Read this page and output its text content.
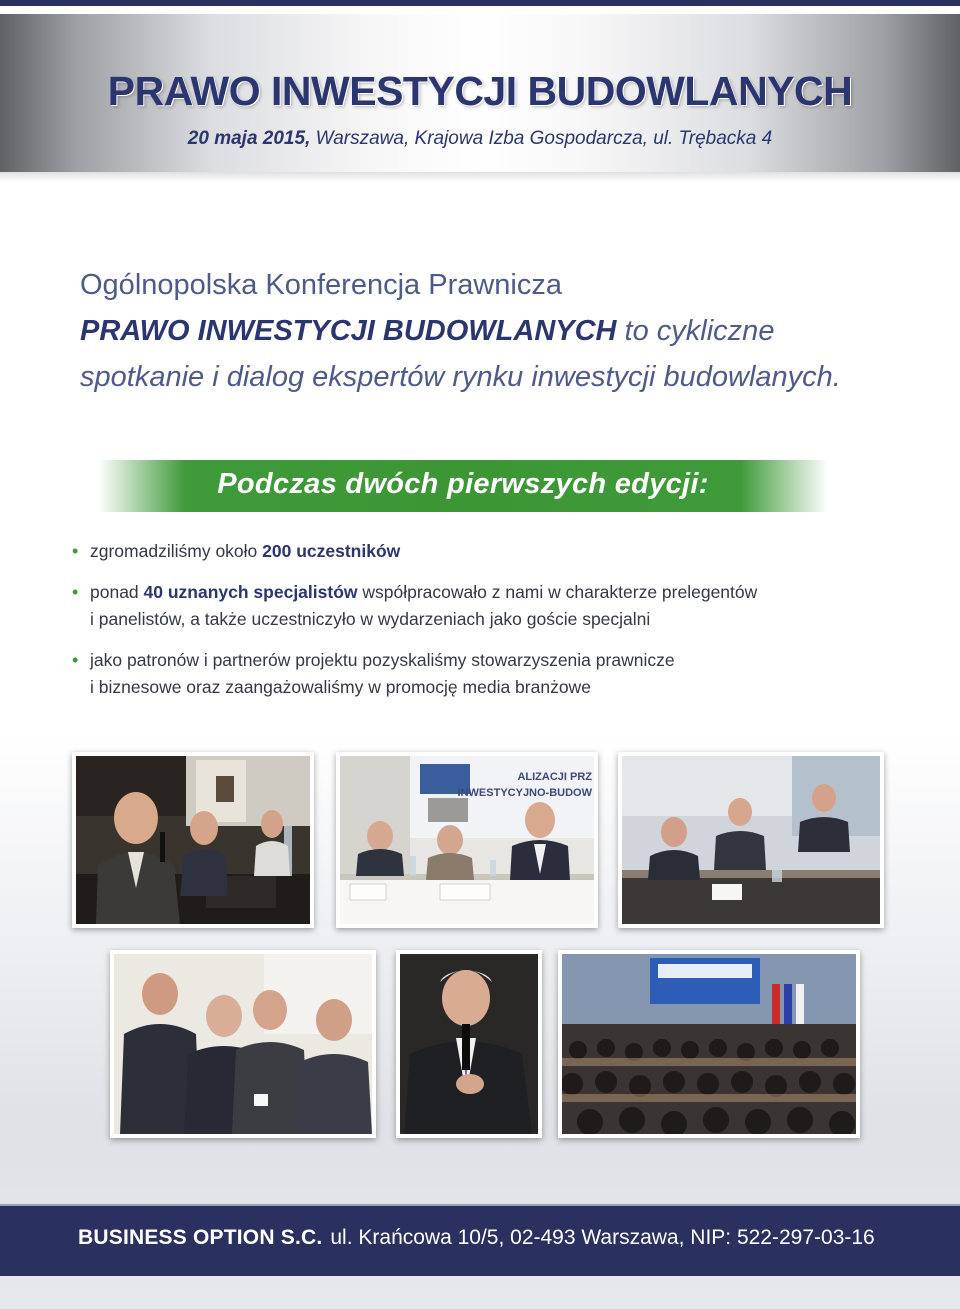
PRAWO INWESTYCJI BUDOWLANYCH
20 maja 2015, Warszawa, Krajowa Izba Gospodarcza, ul. Trębacka 4
Ogólnopolska Konferencja Prawnicza
PRAWO INWESTYCJI BUDOWLANYCH to cykliczne
spotkanie i dialog ekspertów rynku inwestycji budowlanych.
Podczas dwóch pierwszych edycji:
• zgromadziliśmy około 200 uczestników
• ponad 40 uznanych specjalistów współpracowało z nami w charakterze prelegentów
i panelistów, a także uczestniczyło w wydarzeniach jako goście specjalni
• jako patronów i partnerów projektu pozyskaliśmy stowarzyszenia prawnicze
i biznesowe oraz zaangażowaliśmy w promocję media branżowe
ALIZACJI PRZ
INWESTYCYJNO-BUDOW
BUSINESS OPTION S.C. ul. Krańcowa 10/5, 02-493 Warszawa, NIP: 522-297-03-16
